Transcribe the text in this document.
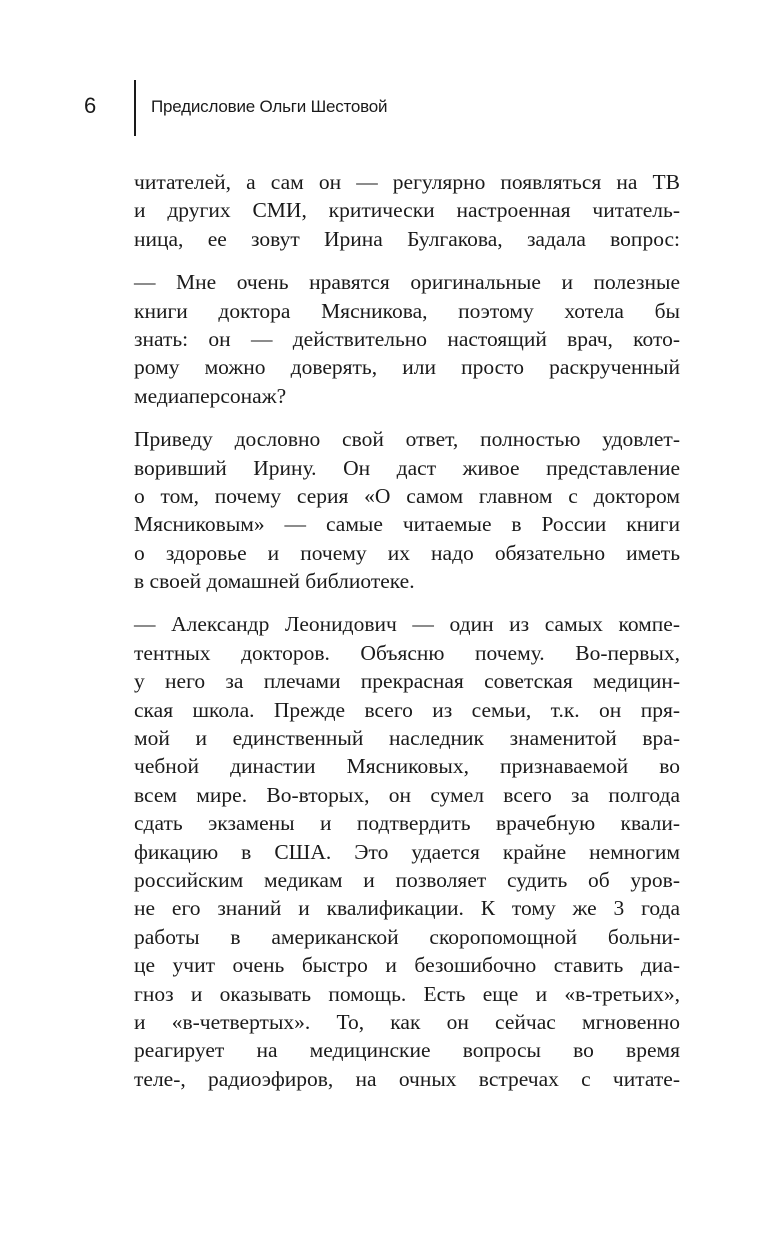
6	Предисловие Ольги Шестовой
читателей, а сам он — регулярно появляться на ТВ
и других СМИ, критически настроенная читатель-
ница, ее зовут Ирина Булгакова, задала вопрос:
— Мне очень нравятся оригинальные и полезные
книги доктора Мясникова, поэтому хотела бы
знать: он — действительно настоящий врач, кото-
рому можно доверять, или просто раскрученный
медиаперсонаж?
Приведу дословно свой ответ, полностью удовлет-
воривший Ирину. Он даст живое представление
о том, почему серия «О самом главном с доктором
Мясниковым» — самые читаемые в России книги
о здоровье и почему их надо обязательно иметь
в своей домашней библиотеке.
— Александр Леонидович — один из самых компе-
тентных докторов. Объясню почему. Во-первых,
у него за плечами прекрасная советская медицин-
ская школа. Прежде всего из семьи, т.к. он пря-
мой и единственный наследник знаменитой вра-
чебной династии Мясниковых, признаваемой во
всем мире. Во-вторых, он сумел всего за полгода
сдать экзамены и подтвердить врачебную квали-
фикацию в США. Это удается крайне немногим
российским медикам и позволяет судить об уров-
не его знаний и квалификации. К тому же 3 года
работы в американской скоропомощной больни-
це учит очень быстро и безошибочно ставить диа-
гноз и оказывать помощь. Есть еще и «в-третьих»,
и «в-четвертых». То, как он сейчас мгновенно
реагирует на медицинские вопросы во время
теле-, радиоэфиров, на очных встречах с читате-
